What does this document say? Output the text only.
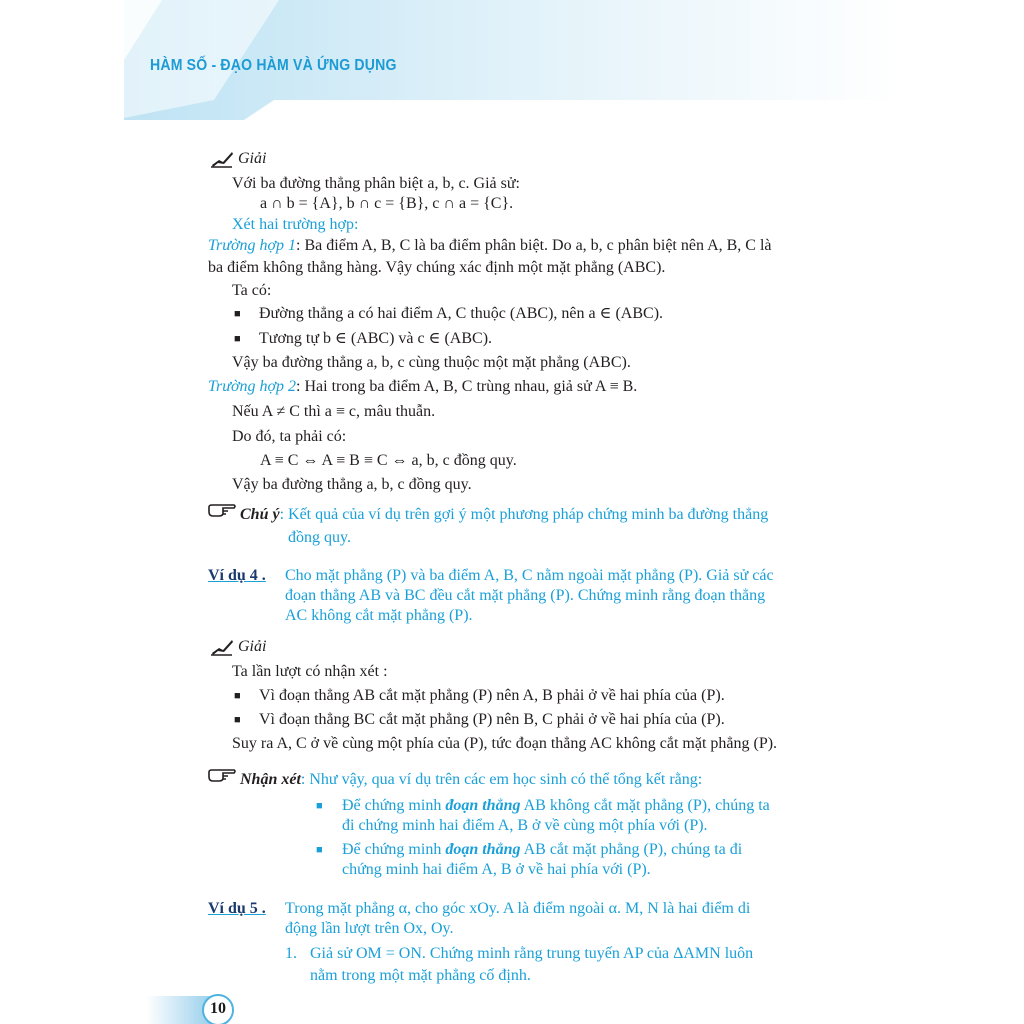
HÀM SỐ - ĐẠO HÀM VÀ ỨNG DỤNG
Giải
Với ba đường thẳng phân biệt a, b, c. Giả sử:
a ∩ b = {A}, b ∩ c = {B}, c ∩ a = {C}.
Xét hai trường hợp:
Trường hợp 1: Ba điểm A, B, C là ba điểm phân biệt. Do a, b, c phân biệt nên A, B, C là
ba điểm không thẳng hàng. Vậy chúng xác định một mặt phẳng (ABC).
Ta có:
■ Đường thẳng a có hai điểm A, C thuộc (ABC), nên a ∈ (ABC).
■ Tương tự b ∈ (ABC) và c ∈ (ABC).
Vậy ba đường thẳng a, b, c cùng thuộc một mặt phẳng (ABC).
Trường hợp 2: Hai trong ba điểm A, B, C trùng nhau, giả sử A ≡ B.
Nếu A ≠ C thì a ≡ c, mâu thuẫn.
Do đó, ta phải có:
A ≡ C ⇔ A ≡ B ≡ C ⇔ a, b, c đồng quy.
Vậy ba đường thẳng a, b, c đồng quy.
Chú ý: Kết quả của ví dụ trên gợi ý một phương pháp chứng minh ba đường thẳng
đồng quy.
Ví dụ 4 . Cho mặt phẳng (P) và ba điểm A, B, C nằm ngoài mặt phẳng (P). Giả sử các
đoạn thẳng AB và BC đều cắt mặt phẳng (P). Chứng minh rằng đoạn thẳng
AC không cắt mặt phẳng (P).
Giải
Ta lần lượt có nhận xét :
■ Vì đoạn thẳng AB cắt mặt phẳng (P) nên A, B phải ở về hai phía của (P).
■ Vì đoạn thẳng BC cắt mặt phẳng (P) nên B, C phải ở về hai phía của (P).
Suy ra A, C ở về cùng một phía của (P), tức đoạn thẳng AC không cắt mặt phẳng (P).
Nhận xét: Như vậy, qua ví dụ trên các em học sinh có thể tổng kết rằng:
■ Để chứng minh đoạn thẳng AB không cắt mặt phẳng (P), chúng ta
đi chứng minh hai điểm A, B ở về cùng một phía với (P).
■ Để chứng minh đoạn thẳng AB cắt mặt phẳng (P), chúng ta đi
chứng minh hai điểm A, B ở về hai phía với (P).
Ví dụ 5 . Trong mặt phẳng α, cho góc xOy. A là điểm ngoài α. M, N là hai điểm di
động lần lượt trên Ox, Oy.
1. Giả sử OM = ON. Chứng minh rằng trung tuyến AP của ΔAMN luôn
nằm trong một mặt phẳng cố định.
10
